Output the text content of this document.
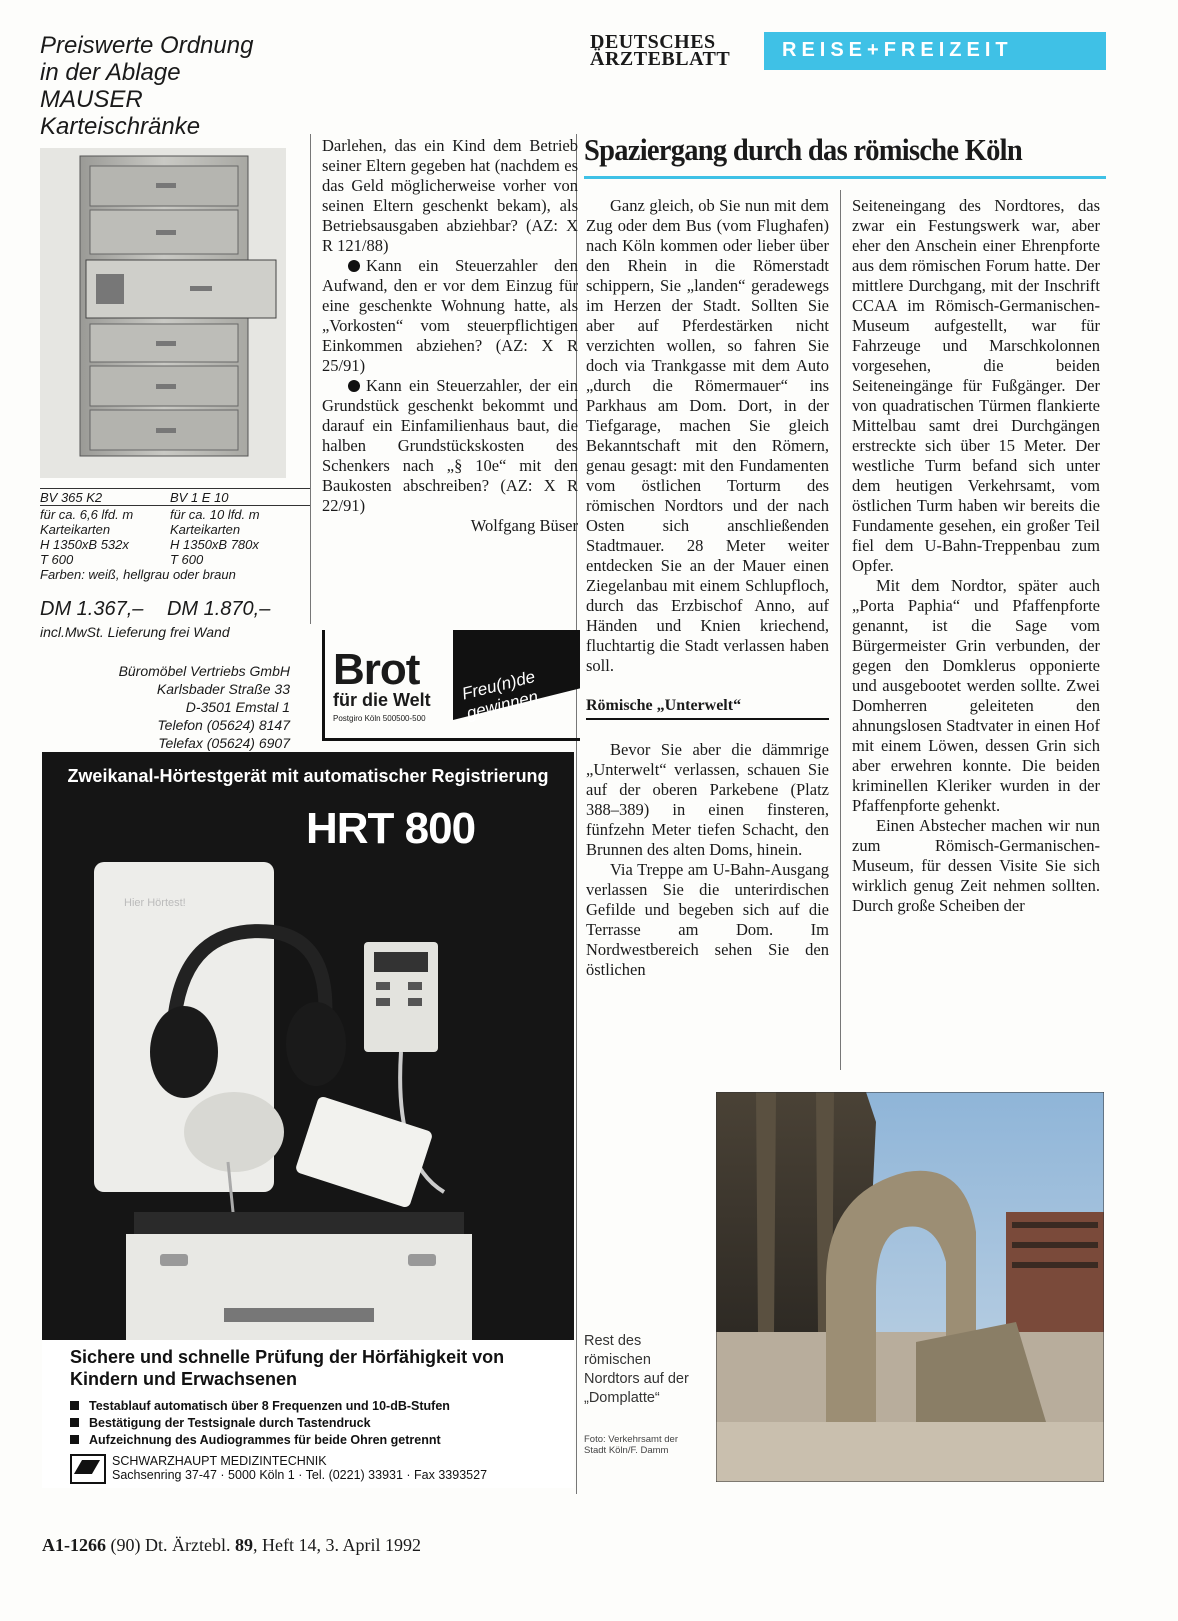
Preiswerte Ordnung
in der Ablage
MAUSER
Karteischränke
BV 365 K2	BV 1 E 10
für ca. 6,6 lfd. m	für ca. 10 lfd. m
Karteikarten	Karteikarten
H 1350xB 532x	H 1350xB 780x
T 600	T 600
Farben: weiß, hellgrau oder braun
DM 1.367,– DM 1.870,–
incl.MwSt. Lieferung frei Wand
Büromöbel Vertriebs GmbH
Karlsbader Straße 33
D-3501 Emstal 1
Telefon (05624) 8147
Telefax (05624) 6907

Darlehen, das ein Kind dem Betrieb seiner Eltern gegeben hat (nachdem es das Geld möglicherweise vorher von seinen Eltern geschenkt bekam), als Betriebsausgaben abziehbar? (AZ: X R 121/88)

Kann ein Steuerzahler den Aufwand, den er vor dem Einzug für eine geschenkte Wohnung hatte, als „Vorkosten“ vom steuerpflichtigen Einkommen abziehen? (AZ: X R 25/91)

Kann ein Steuerzahler, der ein Grundstück geschenkt bekommt und darauf ein Einfamilienhaus baut, die halben Grundstückskosten des Schenkers nach „§ 10e“ mit den Baukosten abschreiben? (AZ: X R 22/91)

Wolfgang Büser

Brot
für die Welt
Postgiro Köln 500500-500
Freu(n)de gewinnen...
Zweikanal-Hörtestgerät mit automatischer Registrierung
HRT 800
Hier Hörtest!
Sichere und schnelle Prüfung der Hörfähigkeit von Kindern und Erwachsenen
Testablauf automatisch über 8 Frequenzen und 10-dB-Stufen
Bestätigung der Testsignale durch Tastendruck
Aufzeichnung des Audiogrammes für beide Ohren getrennt
SCHWARZHAUPT MEDIZINTECHNIK
Sachsenring 37-47 · 5000 Köln 1 · Tel. (0221) 33931 · Fax 3393527
DEUTSCHES
ÄRZTEBLATT	REISE+FREIZEIT
Spaziergang durch das römische Köln

Ganz gleich, ob Sie nun mit dem Zug oder dem Bus (vom Flughafen) nach Köln kommen oder lieber über den Rhein in die Römerstadt schippern, Sie „landen“ geradewegs im Herzen der Stadt. Sollten Sie aber auf Pferdestärken nicht verzichten wollen, so fahren Sie doch via Trankgasse mit dem Auto „durch die Römermauer“ ins Parkhaus am Dom. Dort, in der Tiefgarage, machen Sie gleich Bekanntschaft mit den Römern, genau gesagt: mit den Fundamenten vom östlichen Torturm des römischen Nordtors und der nach Osten sich anschließenden Stadtmauer. 28 Meter weiter entdecken Sie an der Mauer einen Ziegelanbau mit einem Schlupfloch, durch das Erzbischof Anno, auf Händen und Knien kriechend, fluchtartig die Stadt verlassen haben soll.

Römische „Unterwelt“

Bevor Sie aber die dämmrige „Unterwelt“ verlassen, schauen Sie auf der oberen Parkebene (Platz 388–389) in einen finsteren, fünfzehn Meter tiefen Schacht, den Brunnen des alten Doms, hinein.

Via Treppe am U-Bahn-Ausgang verlassen Sie die unterirdischen Gefilde und begeben sich auf die Terrasse am Dom. Im Nordwestbereich sehen Sie den östlichen

Seiteneingang des Nordtores, das zwar ein Festungswerk war, aber eher den Anschein einer Ehrenpforte aus dem römischen Forum hatte. Der mittlere Durchgang, mit der Inschrift CCAA im Römisch-Germanischen-Museum aufgestellt, war für Fahrzeuge und Marschkolonnen vorgesehen, die beiden Seiteneingänge für Fußgänger. Der von quadratischen Türmen flankierte Mittelbau samt drei Durchgängen erstreckte sich über 15 Meter. Der westliche Turm befand sich unter dem heutigen Verkehrsamt, vom östlichen Turm haben wir bereits die Fundamente gesehen, ein großer Teil fiel dem U-Bahn-Treppenbau zum Opfer.

Mit dem Nordtor, später auch „Porta Paphia“ und Pfaffenpforte genannt, ist die Sage vom Bürgermeister Grin verbunden, der gegen den Domklerus opponierte und ausgebootet werden sollte. Zwei Domherren geleiteten den ahnungslosen Stadtvater in einen Hof mit einem Löwen, dessen Grin sich aber erwehren konnte. Die beiden kriminellen Kleriker wurden in der Pfaffenpforte gehenkt.

Einen Abstecher machen wir nun zum Römisch-Germanischen-Museum, für dessen Visite Sie sich wirklich genug Zeit nehmen sollten. Durch große Scheiben der

Rest des römischen Nordtors auf der „Domplatte“
Foto: Verkehrsamt der Stadt Köln/F. Damm
A1-1266 (90) Dt. Ärztebl. 89, Heft 14, 3. April 1992
